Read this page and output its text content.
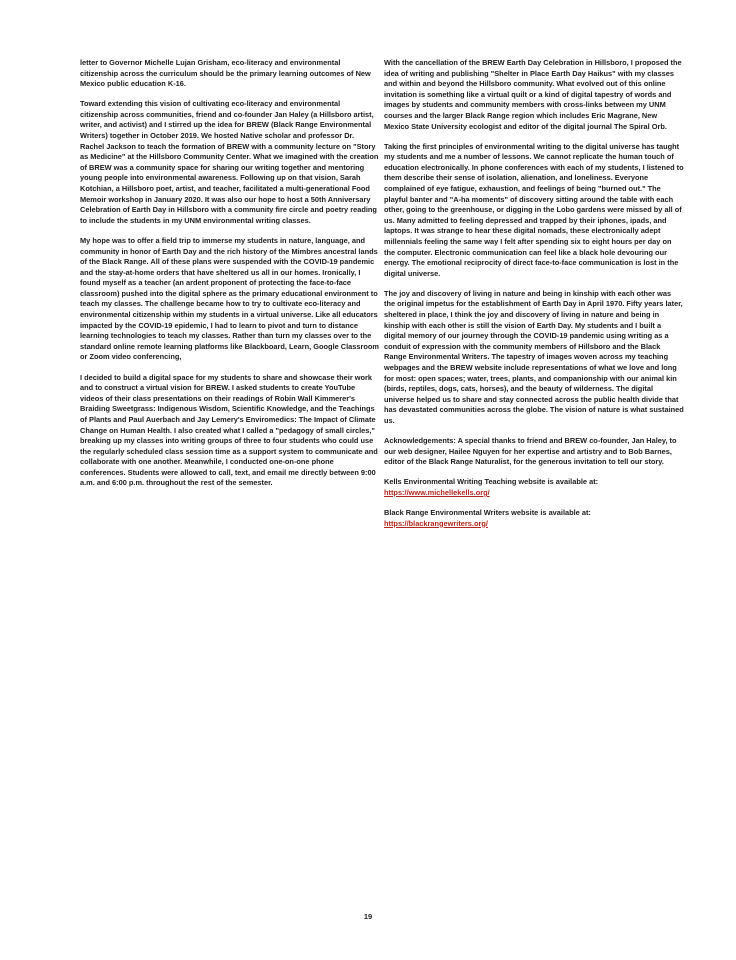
letter to Governor Michelle Lujan Grisham, eco-literacy and environmental citizenship across the curriculum should be the primary learning outcomes of New Mexico public education K-16.

Toward extending this vision of cultivating eco-literacy and environmental citizenship across communities, friend and co-founder Jan Haley (a Hillsboro artist, writer, and activist) and I stirred up the idea for BREW (Black Range Environmental Writers) together in October 2019. We hosted Native scholar and professor Dr. Rachel Jackson to teach the formation of BREW with a community lecture on "Story as Medicine" at the Hillsboro Community Center. What we imagined with the creation of BREW was a community space for sharing our writing together and mentoring young people into environmental awareness. Following up on that vision, Sarah Kotchian, a Hillsboro poet, artist, and teacher, facilitated a multi-generational Food Memoir workshop in January 2020. It was also our hope to host a 50th Anniversary Celebration of Earth Day in Hillsboro with a community fire circle and poetry reading to include the students in my UNM environmental writing classes.

My hope was to offer a field trip to immerse my students in nature, language, and community in honor of Earth Day and the rich history of the Mimbres ancestral lands of the Black Range. All of these plans were suspended with the COVID-19 pandemic and the stay-at-home orders that have sheltered us all in our homes. Ironically, I found myself as a teacher (an ardent proponent of protecting the face-to-face classroom) pushed into the digital sphere as the primary educational environment to teach my classes. The challenge became how to try to cultivate eco-literacy and environmental citizenship within my students in a virtual universe. Like all educators impacted by the COVID-19 epidemic, I had to learn to pivot and turn to distance learning technologies to teach my classes. Rather than turn my classes over to the standard online remote learning platforms like Blackboard, Learn, Google Classroom or Zoom video conferencing,

I decided to build a digital space for my students to share and showcase their work and to construct a virtual vision for BREW. I asked students to create YouTube videos of their class presentations on their readings of Robin Wall Kimmerer's Braiding Sweetgrass: Indigenous Wisdom, Scientific Knowledge, and the Teachings of Plants and Paul Auerbach and Jay Lemery's Enviromedics: The Impact of Climate Change on Human Health. I also created what I called a "pedagogy of small circles," breaking up my classes into writing groups of three to four students who could use the regularly scheduled class session time as a support system to communicate and collaborate with one another. Meanwhile, I conducted one-on-one phone conferences. Students were allowed to call, text, and email me directly between 9:00 a.m. and 6:00 p.m. throughout the rest of the semester.

With the cancellation of the BREW Earth Day Celebration in Hillsboro, I proposed the idea of writing and publishing "Shelter in Place Earth Day Haikus" with my classes and within and beyond the Hillsboro community. What evolved out of this online invitation is something like a virtual quilt or a kind of digital tapestry of words and images by students and community members with cross-links between my UNM courses and the larger Black Range region which includes Eric Magrane, New Mexico State University ecologist and editor of the digital journal The Spiral Orb.

Taking the first principles of environmental writing to the digital universe has taught my students and me a number of lessons. We cannot replicate the human touch of education electronically. In phone conferences with each of my students, I listened to them describe their sense of isolation, alienation, and loneliness. Everyone complained of eye fatigue, exhaustion, and feelings of being "burned out." The playful banter and "A-ha moments" of discovery sitting around the table with each other, going to the greenhouse, or digging in the Lobo gardens were missed by all of us. Many admitted to feeling depressed and trapped by their iphones, ipads, and laptops. It was strange to hear these digital nomads, these electronically adept millennials feeling the same way I felt after spending six to eight hours per day on the computer. Electronic communication can feel like a black hole devouring our energy. The emotional reciprocity of direct face-to-face communication is lost in the digital universe.

The joy and discovery of living in nature and being in kinship with each other was the original impetus for the establishment of Earth Day in April 1970. Fifty years later, sheltered in place, I think the joy and discovery of living in nature and being in kinship with each other is still the vision of Earth Day. My students and I built a digital memory of our journey through the COVID-19 pandemic using writing as a conduit of expression with the community members of Hillsboro and the Black Range Environmental Writers. The tapestry of images woven across my teaching webpages and the BREW website include representations of what we love and long for most: open spaces; water, trees, plants, and companionship with our animal kin (birds, reptiles, dogs, cats, horses), and the beauty of wilderness. The digital universe helped us to share and stay connected across the public health divide that has devastated communities across the globe. The vision of nature is what sustained us.

Acknowledgements: A special thanks to friend and BREW co-founder, Jan Haley, to our web designer, Hailee Nguyen for her expertise and artistry and to Bob Barnes, editor of the Black Range Naturalist, for the generous invitation to tell our story.

Kells Environmental Writing Teaching website is available at: https://www.michellekells.org/

Black Range Environmental Writers website is available at: https://blackrangewriters.org/

19
